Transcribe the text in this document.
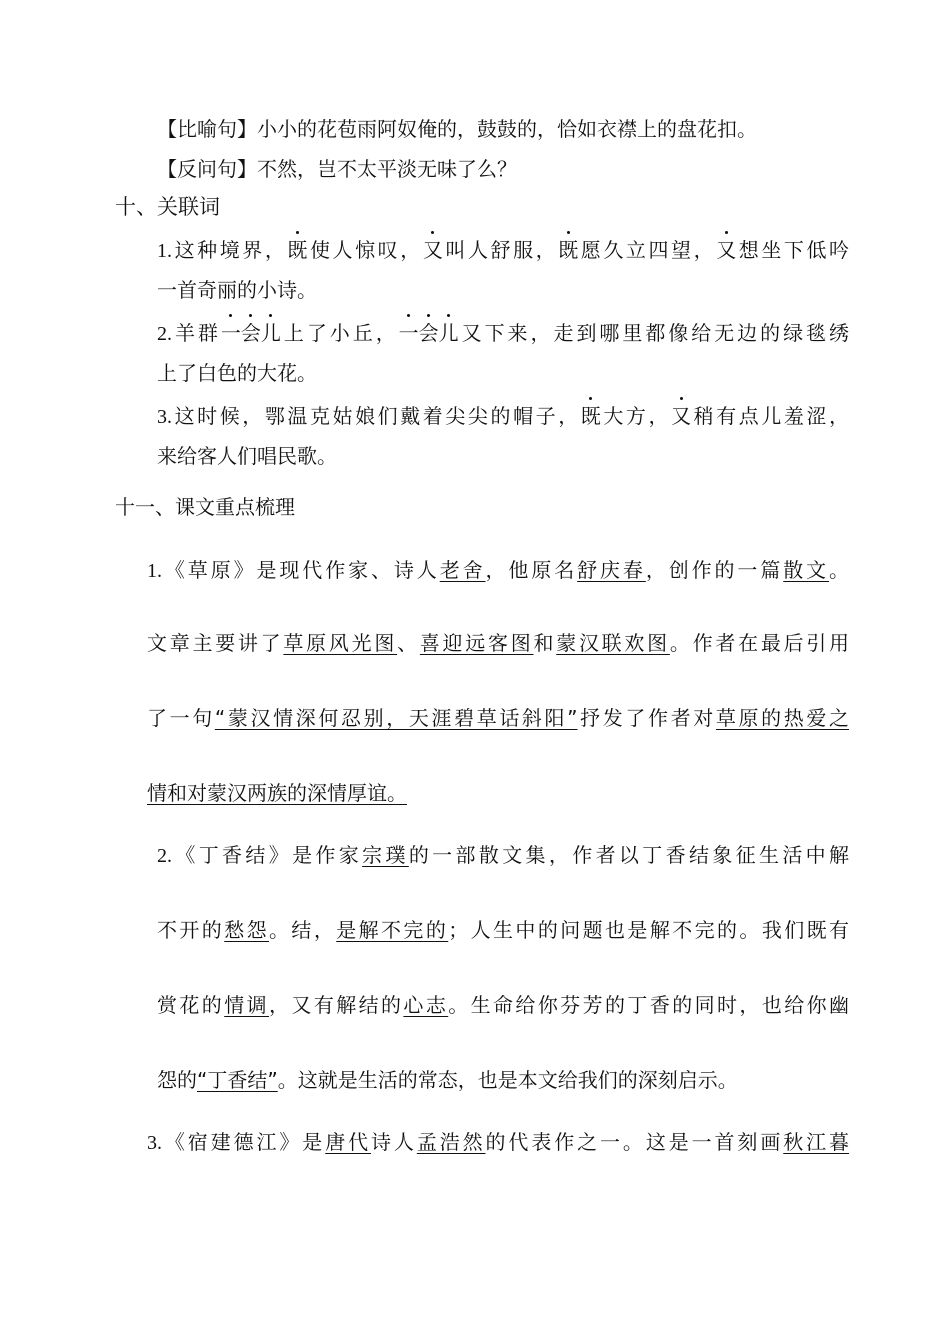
【比喻句】小小的花苞雨阿奴俺的，鼓鼓的，恰如衣襟上的盘花扣。
【反问句】不然，岂不太平淡无味了么？
十、关联词
1.这种境界，既使人惊叹，又叫人舒服，既愿久立四望，又想坐下低吟
一首奇丽的小诗。
2.羊群一会儿上了小丘，一会儿又下来，走到哪里都像给无边的绿毯绣
上了白色的大花。
3.这时候，鄂温克姑娘们戴着尖尖的帽子，既大方，又稍有点儿羞涩，
来给客人们唱民歌。
十一、课文重点梳理
1.《草原》是现代作家、诗人老舍，他原名舒庆春，创作的一篇散文。
文章主要讲了草原风光图、喜迎远客图和蒙汉联欢图。作者在最后引用
了一句“蒙汉情深何忍别，天涯碧草话斜阳”抒发了作者对草原的热爱之
情和对蒙汉两族的深情厚谊。
2.《丁香结》是作家宗璞的一部散文集，作者以丁香结象征生活中解
不开的愁怨。结，是解不完的；人生中的问题也是解不完的。我们既有
赏花的情调，又有解结的心志。生命给你芬芳的丁香的同时，也给你幽
怨的“丁香结”。这就是生活的常态，也是本文给我们的深刻启示。
3.《宿建德江》是唐代诗人孟浩然的代表作之一。这是一首刻画秋江暮
